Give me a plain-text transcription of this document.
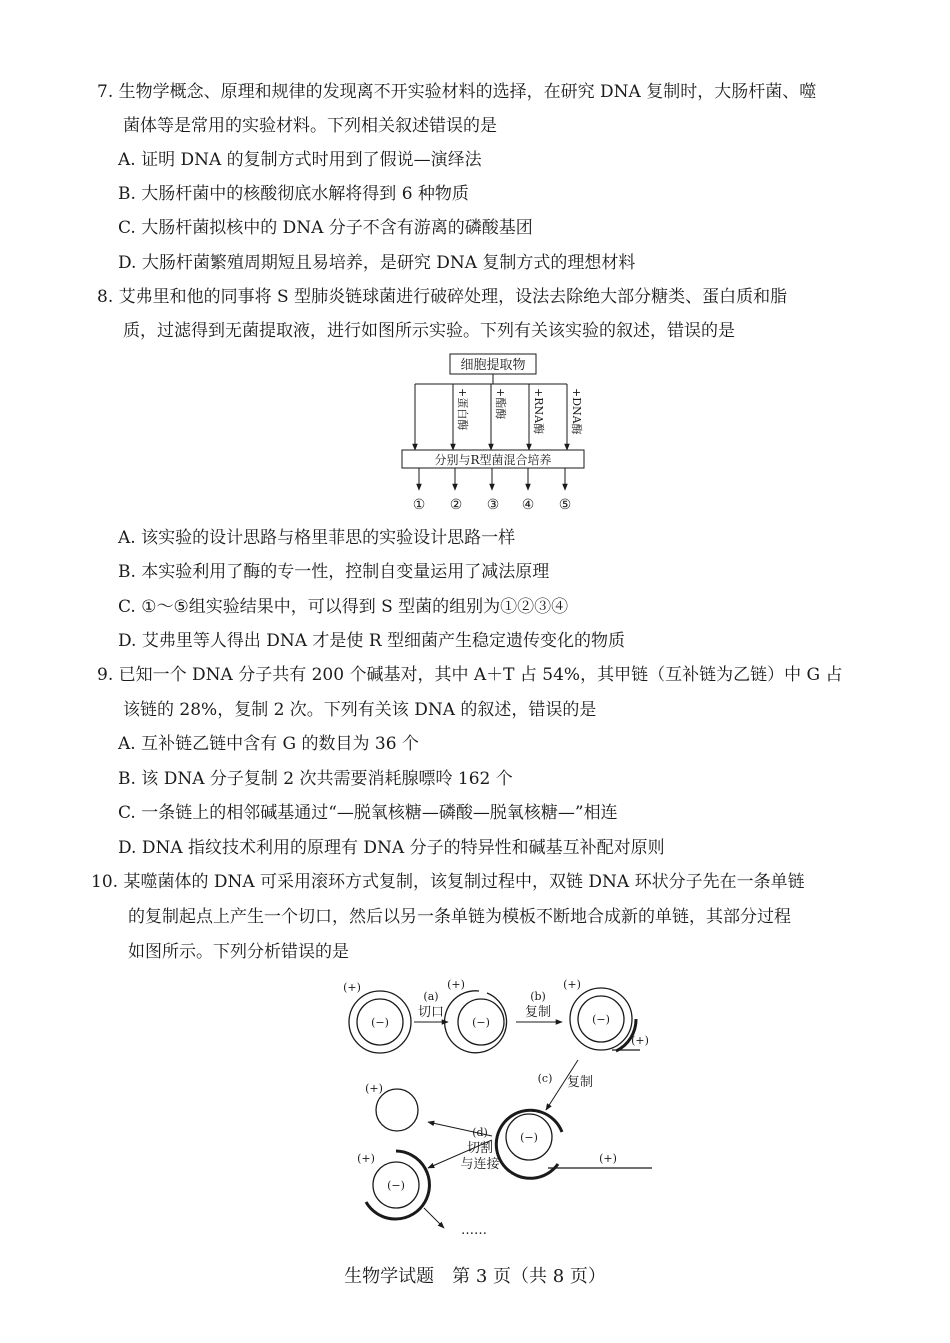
7. 生物学概念、原理和规律的发现离不开实验材料的选择，在研究 DNA 复制时，大肠杆菌、噬
菌体等是常用的实验材料。下列相关叙述错误的是
A. 证明 DNA 的复制方式时用到了假说—演绎法
B. 大肠杆菌中的核酸彻底水解将得到 6 种物质
C. 大肠杆菌拟核中的 DNA 分子不含有游离的磷酸基团
D. 大肠杆菌繁殖周期短且易培养，是研究 DNA 复制方式的理想材料
8. 艾弗里和他的同事将 S 型肺炎链球菌进行破碎处理，设法去除绝大部分糖类、蛋白质和脂
质，过滤得到无菌提取液，进行如图所示实验。下列有关该实验的叙述，错误的是
细胞提取物
+蛋白酶 +酯酶 +RNA酶 +DNA酶
分别与R型菌混合培养
① ② ③ ④ ⑤
A. 该实验的设计思路与格里菲思的实验设计思路一样
B. 本实验利用了酶的专一性，控制自变量运用了减法原理
C. ①～⑤组实验结果中，可以得到 S 型菌的组别为①②③④
D. 艾弗里等人得出 DNA 才是使 R 型细菌产生稳定遗传变化的物质
9. 已知一个 DNA 分子共有 200 个碱基对，其中 A＋T 占 54%，其甲链（互补链为乙链）中 G 占
该链的 28%，复制 2 次。下列有关该 DNA 的叙述，错误的是
A. 互补链乙链中含有 G 的数目为 36 个
B. 该 DNA 分子复制 2 次共需要消耗腺嘌呤 162 个
C. 一条链上的相邻碱基通过“—脱氧核糖—磷酸—脱氧核糖—”相连
D. DNA 指纹技术利用的原理有 DNA 分子的特异性和碱基互补配对原则
10. 某噬菌体的 DNA 可采用滚环方式复制，该复制过程中，双链 DNA 环状分子先在一条单链
的复制起点上产生一个切口，然后以另一条单链为模板不断地合成新的单链，其部分过程
如图所示。下列分析错误的是
(+)
(−)
(a)
切口
(+)
(−)
(b)
复制
(+)
(−)
(+)
(c) 复制
(−)
(+)
(d)
切割
与连接
(+)
(+)
(−)
……
生物学试题　第 3 页（共 8 页）
